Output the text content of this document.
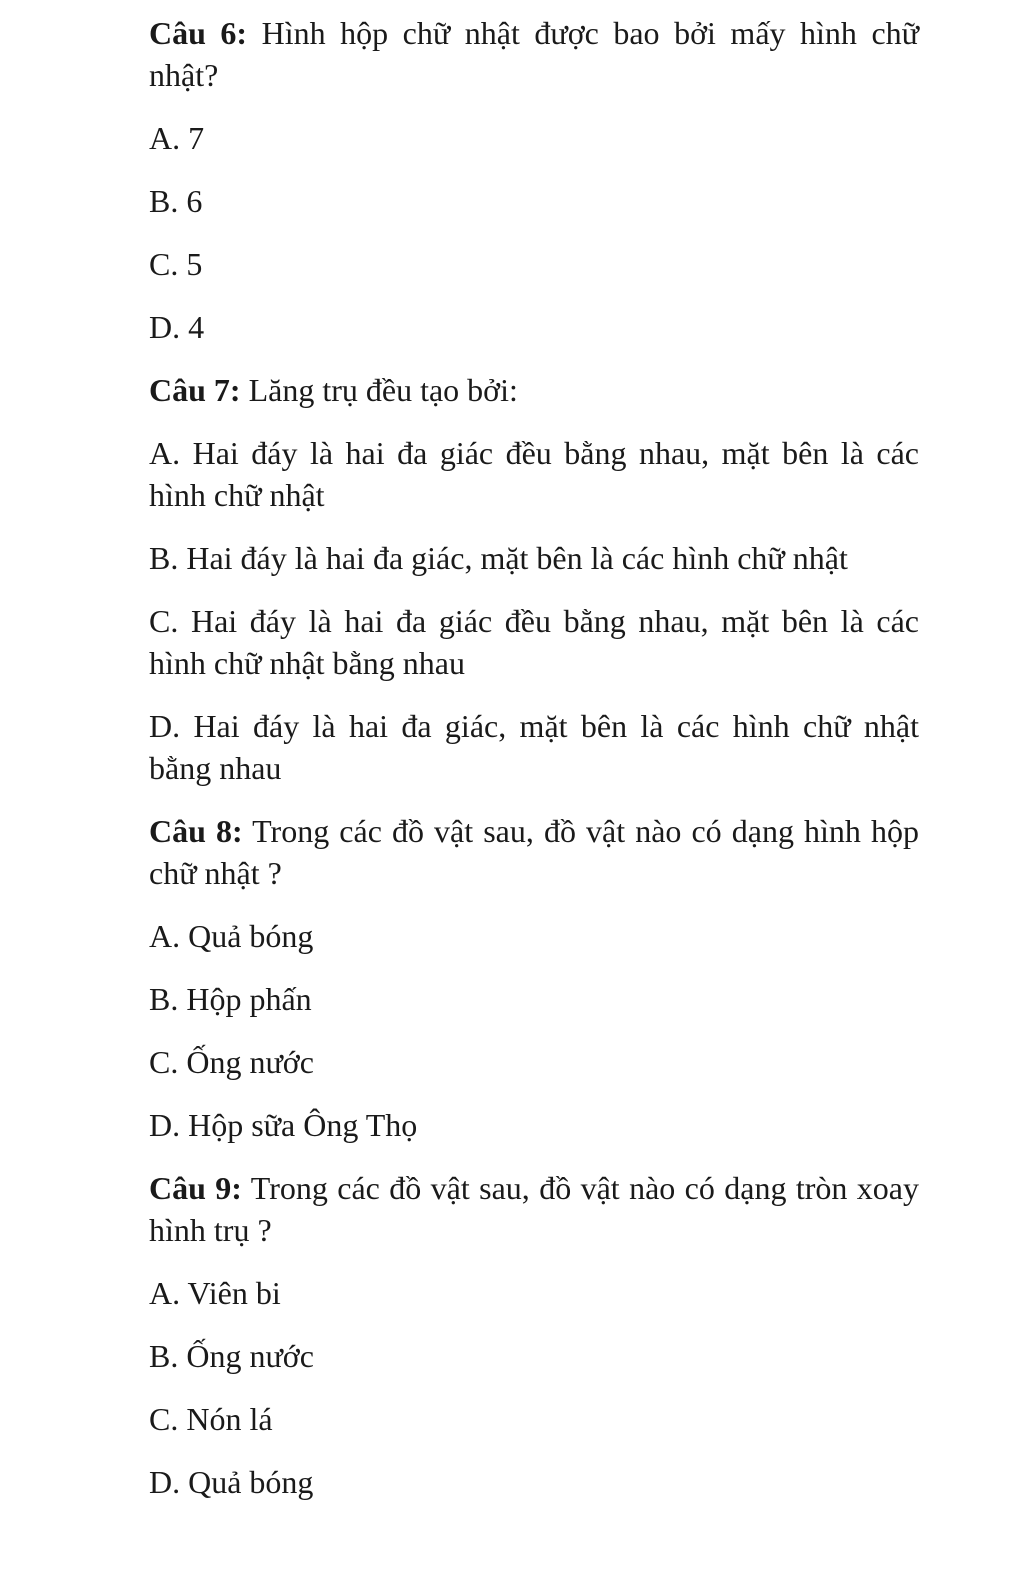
Câu 6: Hình hộp chữ nhật được bao bởi mấy hình chữ nhật?

A. 7

B. 6

C. 5

D. 4

Câu 7: Lăng trụ đều tạo bởi:

A. Hai đáy là hai đa giác đều bằng nhau, mặt bên là các hình chữ nhật

B. Hai đáy là hai đa giác, mặt bên là các hình chữ nhật

C. Hai đáy là hai đa giác đều bằng nhau, mặt bên là các hình chữ nhật bằng nhau

D. Hai đáy là hai đa giác, mặt bên là các hình chữ nhật bằng nhau

Câu 8: Trong các đồ vật sau, đồ vật nào có dạng hình hộp chữ nhật ?

A. Quả bóng

B. Hộp phấn

C. Ống nước

D. Hộp sữa Ông Thọ

Câu 9: Trong các đồ vật sau, đồ vật nào có dạng tròn xoay hình trụ ?

A. Viên bi

B. Ống nước

C. Nón lá

D. Quả bóng
